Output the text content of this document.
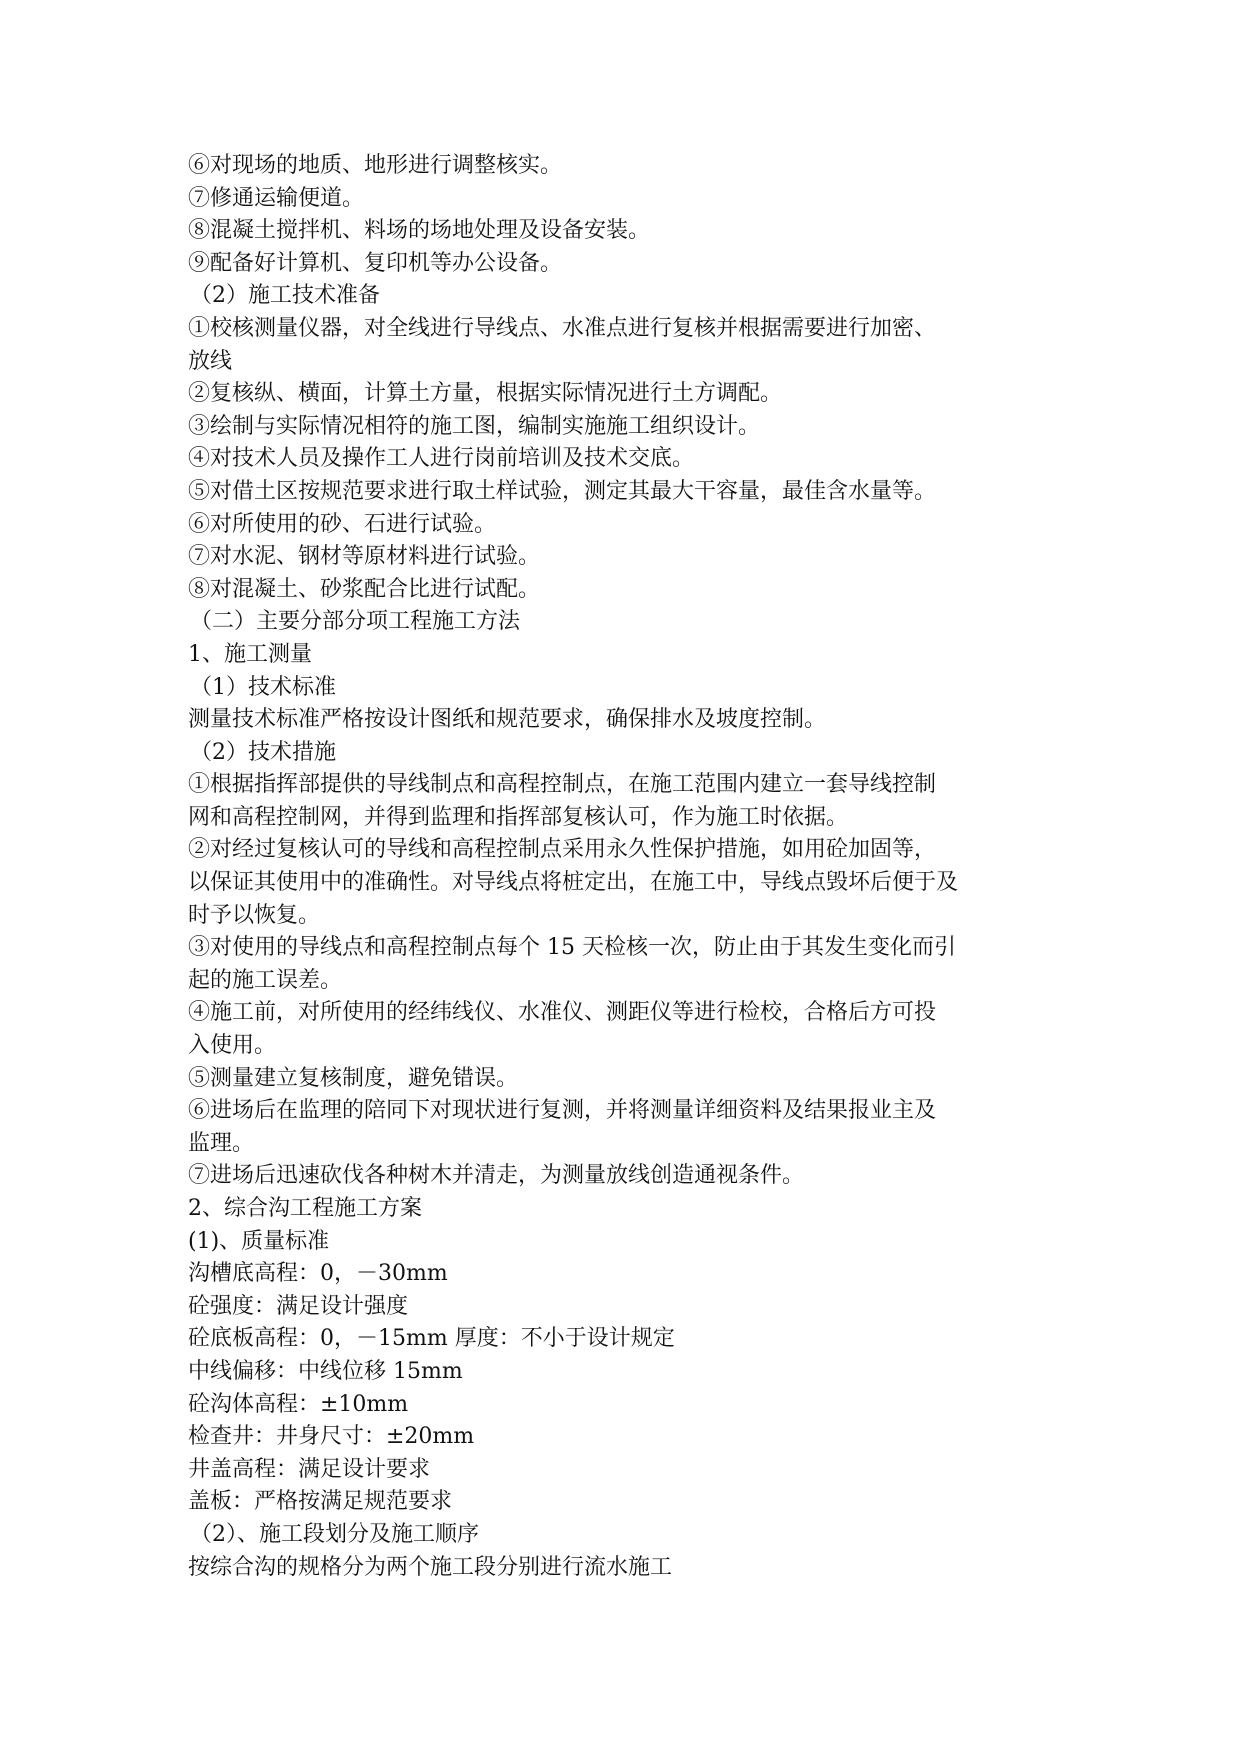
⑥对现场的地质、地形进行调整核实。

⑦修通运输便道。

⑧混凝土搅拌机、料场的场地处理及设备安装。

⑨配备好计算机、复印机等办公设备。

（2）施工技术准备

①校核测量仪器，对全线进行导线点、水准点进行复核并根据需要进行加密、

放线

②复核纵、横面，计算土方量，根据实际情况进行土方调配。

③绘制与实际情况相符的施工图，编制实施施工组织设计。

④对技术人员及操作工人进行岗前培训及技术交底。

⑤对借土区按规范要求进行取土样试验，测定其最大干容量，最佳含水量等。

⑥对所使用的砂、石进行试验。

⑦对水泥、钢材等原材料进行试验。

⑧对混凝土、砂浆配合比进行试配。

（二）主要分部分项工程施工方法

1、施工测量

（1）技术标准

测量技术标准严格按设计图纸和规范要求，确保排水及坡度控制。

（2）技术措施

①根据指挥部提供的导线制点和高程控制点，在施工范围内建立一套导线控制

网和高程控制网，并得到监理和指挥部复核认可，作为施工时依据。

②对经过复核认可的导线和高程控制点采用永久性保护措施，如用砼加固等，

以保证其使用中的准确性。对导线点将桩定出，在施工中，导线点毁坏后便于及

时予以恢复。

③对使用的导线点和高程控制点每个 15 天检核一次，防止由于其发生变化而引

起的施工误差。

④施工前，对所使用的经纬线仪、水准仪、测距仪等进行检校，合格后方可投

入使用。

⑤测量建立复核制度，避免错误。

⑥进场后在监理的陪同下对现状进行复测，并将测量详细资料及结果报业主及

监理。

⑦进场后迅速砍伐各种树木并清走，为测量放线创造通视条件。

2、综合沟工程施工方案

(1)、质量标准

沟槽底高程：0，－30mm

砼强度：满足设计强度

砼底板高程：0，－15mm 厚度：不小于设计规定

中线偏移：中线位移 15mm

砼沟体高程：±10mm

检查井：井身尺寸：±20mm

井盖高程：满足设计要求

盖板：严格按满足规范要求

（2）、施工段划分及施工顺序

按综合沟的规格分为两个施工段分别进行流水施工
